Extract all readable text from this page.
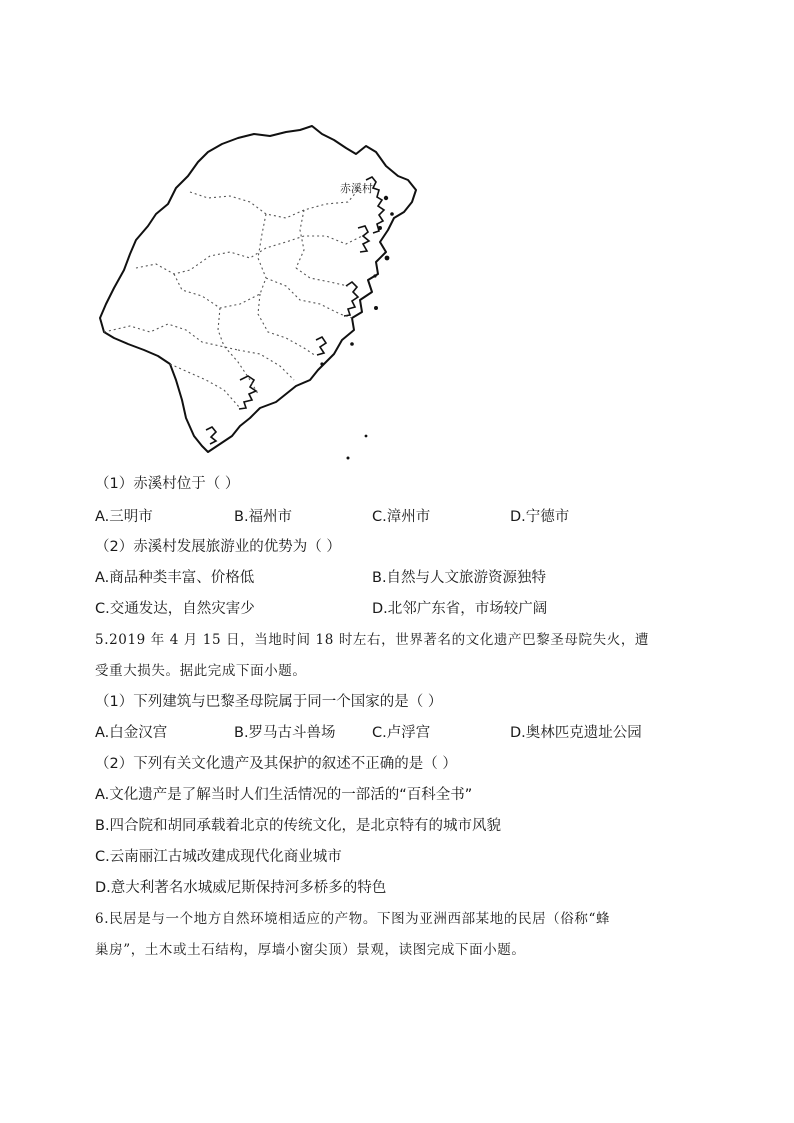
赤溪村
（1）赤溪村位于（ ）
A.三明市	B.福州市	C.漳州市	D.宁德市
（2）赤溪村发展旅游业的优势为（ ）
A.商品种类丰富、价格低	B.自然与人文旅游资源独特
C.交通发达，自然灾害少	D.北邻广东省，市场较广阔
5.2019 年 4 月 15 日，当地时间 18 时左右，世界著名的文化遗产巴黎圣母院失火，遭
受重大损失。据此完成下面小题。
（1）下列建筑与巴黎圣母院属于同一个国家的是（ ）
A.白金汉宫	B.罗马古斗兽场	C.卢浮宫	D.奥林匹克遗址公园
（2）下列有关文化遗产及其保护的叙述不正确的是（ ）
A.文化遗产是了解当时人们生活情况的一部活的“百科全书”
B.四合院和胡同承载着北京的传统文化，是北京特有的城市风貌
C.云南丽江古城改建成现代化商业城市
D.意大利著名水城威尼斯保持河多桥多的特色
6.民居是与一个地方自然环境相适应的产物。下图为亚洲西部某地的民居（俗称“蜂
巢房”，土木或土石结构，厚墙小窗尖顶）景观，读图完成下面小题。
